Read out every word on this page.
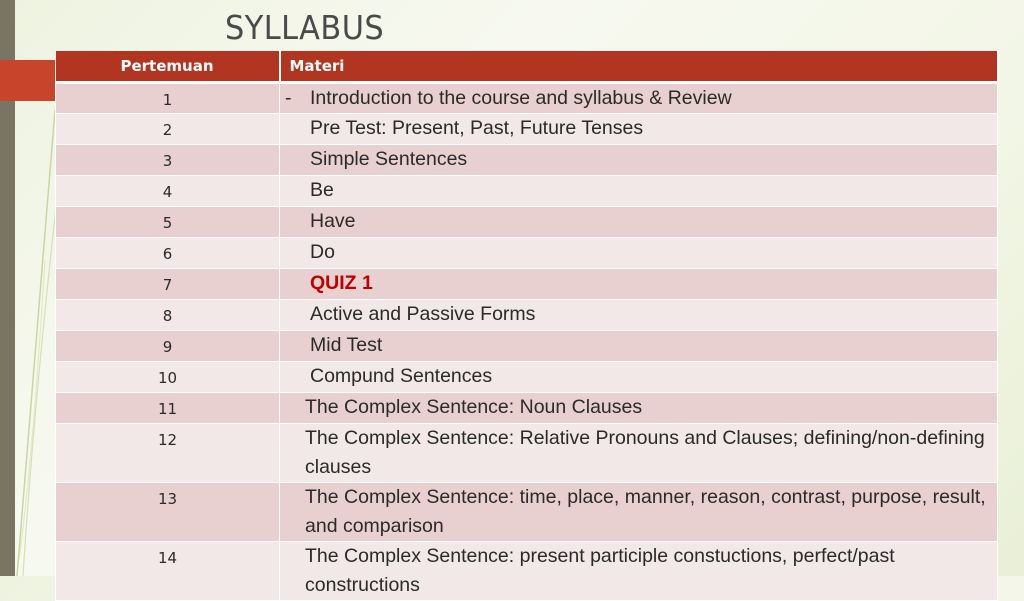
SYLLABUS
Pertemuan	Materi
1	- Introduction to the course and syllabus & Review
2	Pre Test: Present, Past, Future Tenses
3	Simple Sentences
4	Be
5	Have
6	Do
7	QUIZ 1
8	Active and Passive Forms
9	Mid Test
10	Compund Sentences
11	The Complex Sentence: Noun Clauses
12	The Complex Sentence: Relative Pronouns and Clauses; defining/non-defining clauses
13	The Complex Sentence: time, place, manner, reason, contrast, purpose, result, and comparison
14	The Complex Sentence: present participle constuctions, perfect/past constructions
